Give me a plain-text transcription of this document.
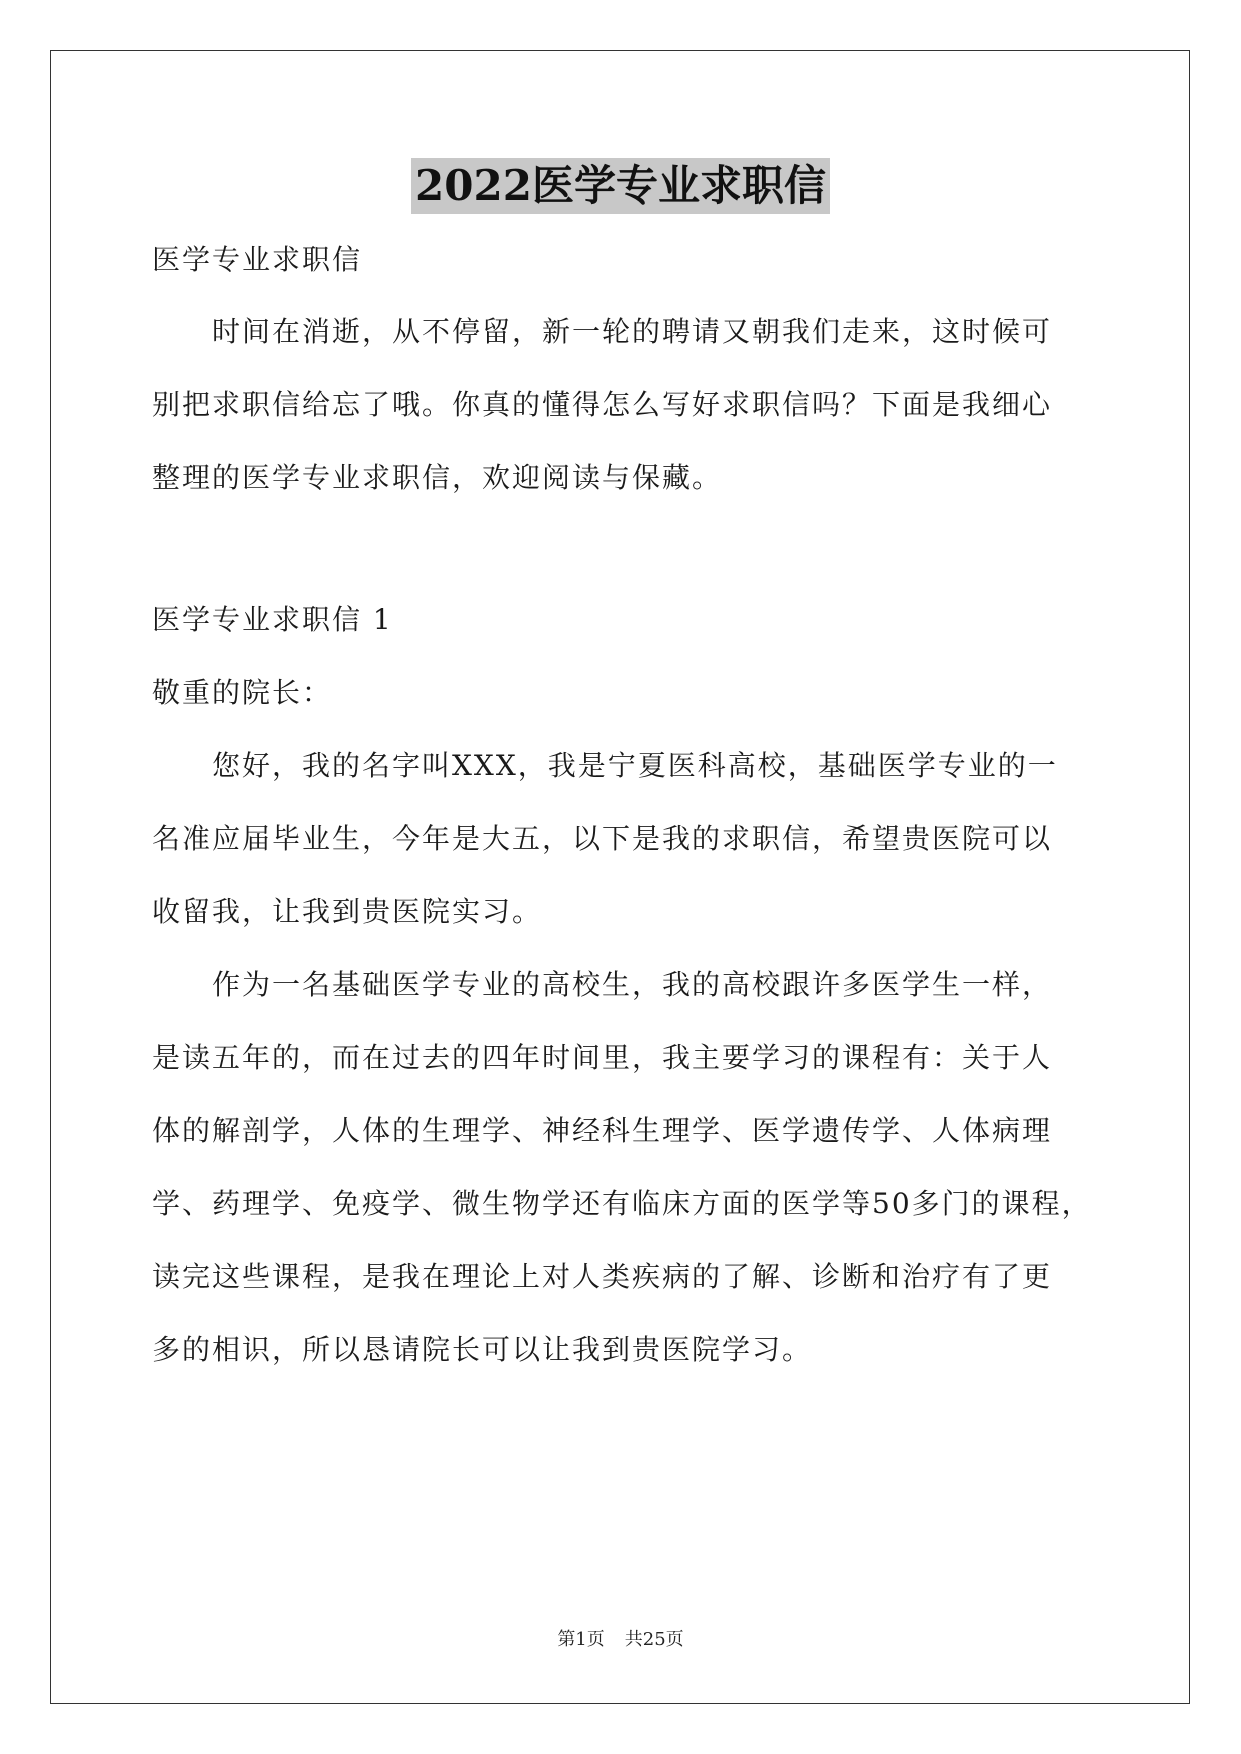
2022医学专业求职信

医学专业求职信

时间在消逝，从不停留，新一轮的聘请又朝我们走来，这时候可

别把求职信给忘了哦。你真的懂得怎么写好求职信吗？下面是我细心

整理的医学专业求职信，欢迎阅读与保藏。

医学专业求职信 1

敬重的院长：

您好，我的名字叫XXX，我是宁夏医科高校，基础医学专业的一

名准应届毕业生，今年是大五，以下是我的求职信，希望贵医院可以

收留我，让我到贵医院实习。

作为一名基础医学专业的高校生，我的高校跟许多医学生一样，

是读五年的，而在过去的四年时间里，我主要学习的课程有：关于人

体的解剖学，人体的生理学、神经科生理学、医学遗传学、人体病理

学、药理学、免疫学、微生物学还有临床方面的医学等50多门的课程，

读完这些课程，是我在理论上对人类疾病的了解、诊断和治疗有了更

多的相识，所以恳请院长可以让我到贵医院学习。

第1页 共25页
